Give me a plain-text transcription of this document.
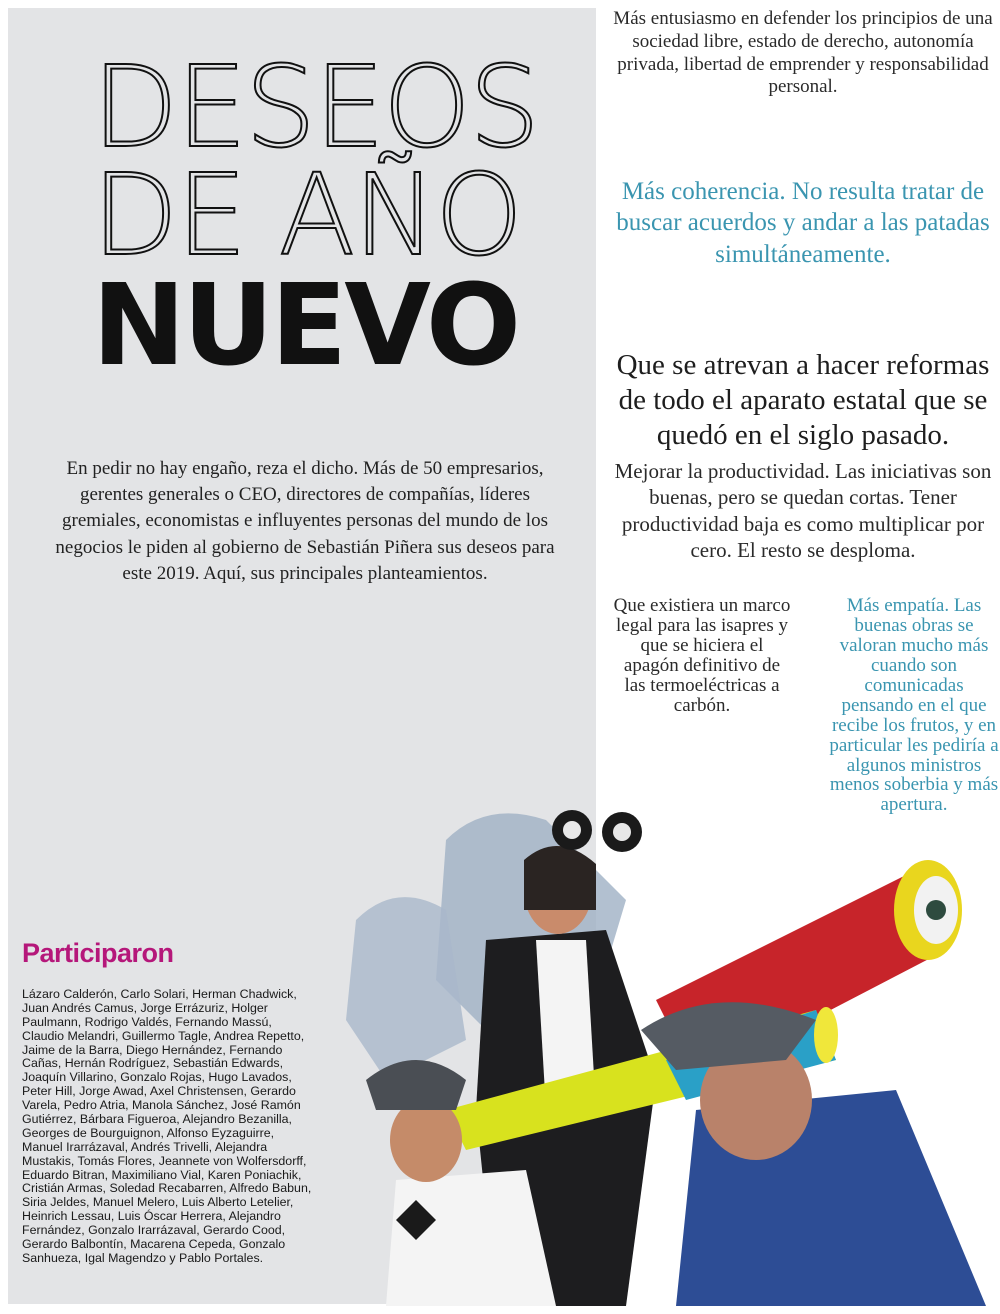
DESEOS
DE AÑO
NUEVO

En pedir no hay engaño, reza el dicho. Más de 50 empresarios, gerentes generales o CEO, directores de compañías, líderes gremiales, economistas e influyentes personas del mundo de los negocios le piden al gobierno de Sebastián Piñera sus deseos para este 2019. Aquí, sus principales planteamientos.

Más entusiasmo en defender los principios de una sociedad libre, estado de derecho, autonomía privada, libertad de emprender y responsabilidad personal.

Más coherencia. No resulta tratar de buscar acuerdos y andar a las patadas simultáneamente.

Que se atrevan a hacer reformas de todo el aparato estatal que se quedó en el siglo pasado.

Mejorar la productividad. Las iniciativas son buenas, pero se quedan cortas. Tener productividad baja es como multiplicar por cero. El resto se desploma.

Que existiera un marco legal para las isapres y que se hiciera el apagón definitivo de las termoeléctricas a carbón.

Más empatía. Las buenas obras se valoran mucho más cuando son comunicadas pensando en el que recibe los frutos, y en particular les pediría a algunos ministros menos soberbia y más apertura.

Participaron

Lázaro Calderón, Carlo Solari, Herman Chadwick, Juan Andrés Camus, Jorge Errázuriz, Holger Paulmann, Rodrigo Valdés, Fernando Massú, Claudio Melandri, Guillermo Tagle, Andrea Repetto, Jaime de la Barra, Diego Hernández, Fernando Cañas, Hernán Rodríguez, Sebastián Edwards, Joaquín Villarino, Gonzalo Rojas, Hugo Lavados, Peter Hill, Jorge Awad, Axel Christensen, Gerardo Varela, Pedro Atria, Manola Sánchez, José Ramón Gutiérrez, Bárbara Figueroa, Alejandro Bezanilla, Georges de Bourguignon, Alfonso Eyzaguirre, Manuel Irarrázaval, Andrés Trivelli, Alejandra Mustakis, Tomás Flores, Jeannete von Wolfersdorff, Eduardo Bitran, Maximiliano Vial, Karen Poniachik, Cristián Armas, Soledad Recabarren, Alfredo Babun, Siria Jeldes, Manuel Melero, Luis Alberto Letelier, Heinrich Lessau, Luis Óscar Herrera, Alejandro Fernández, Gonzalo Irarrázaval, Gerardo Cood, Gerardo Balbontín, Macarena Cepeda, Gonzalo Sanhueza, Igal Magendzo y Pablo Portales.
